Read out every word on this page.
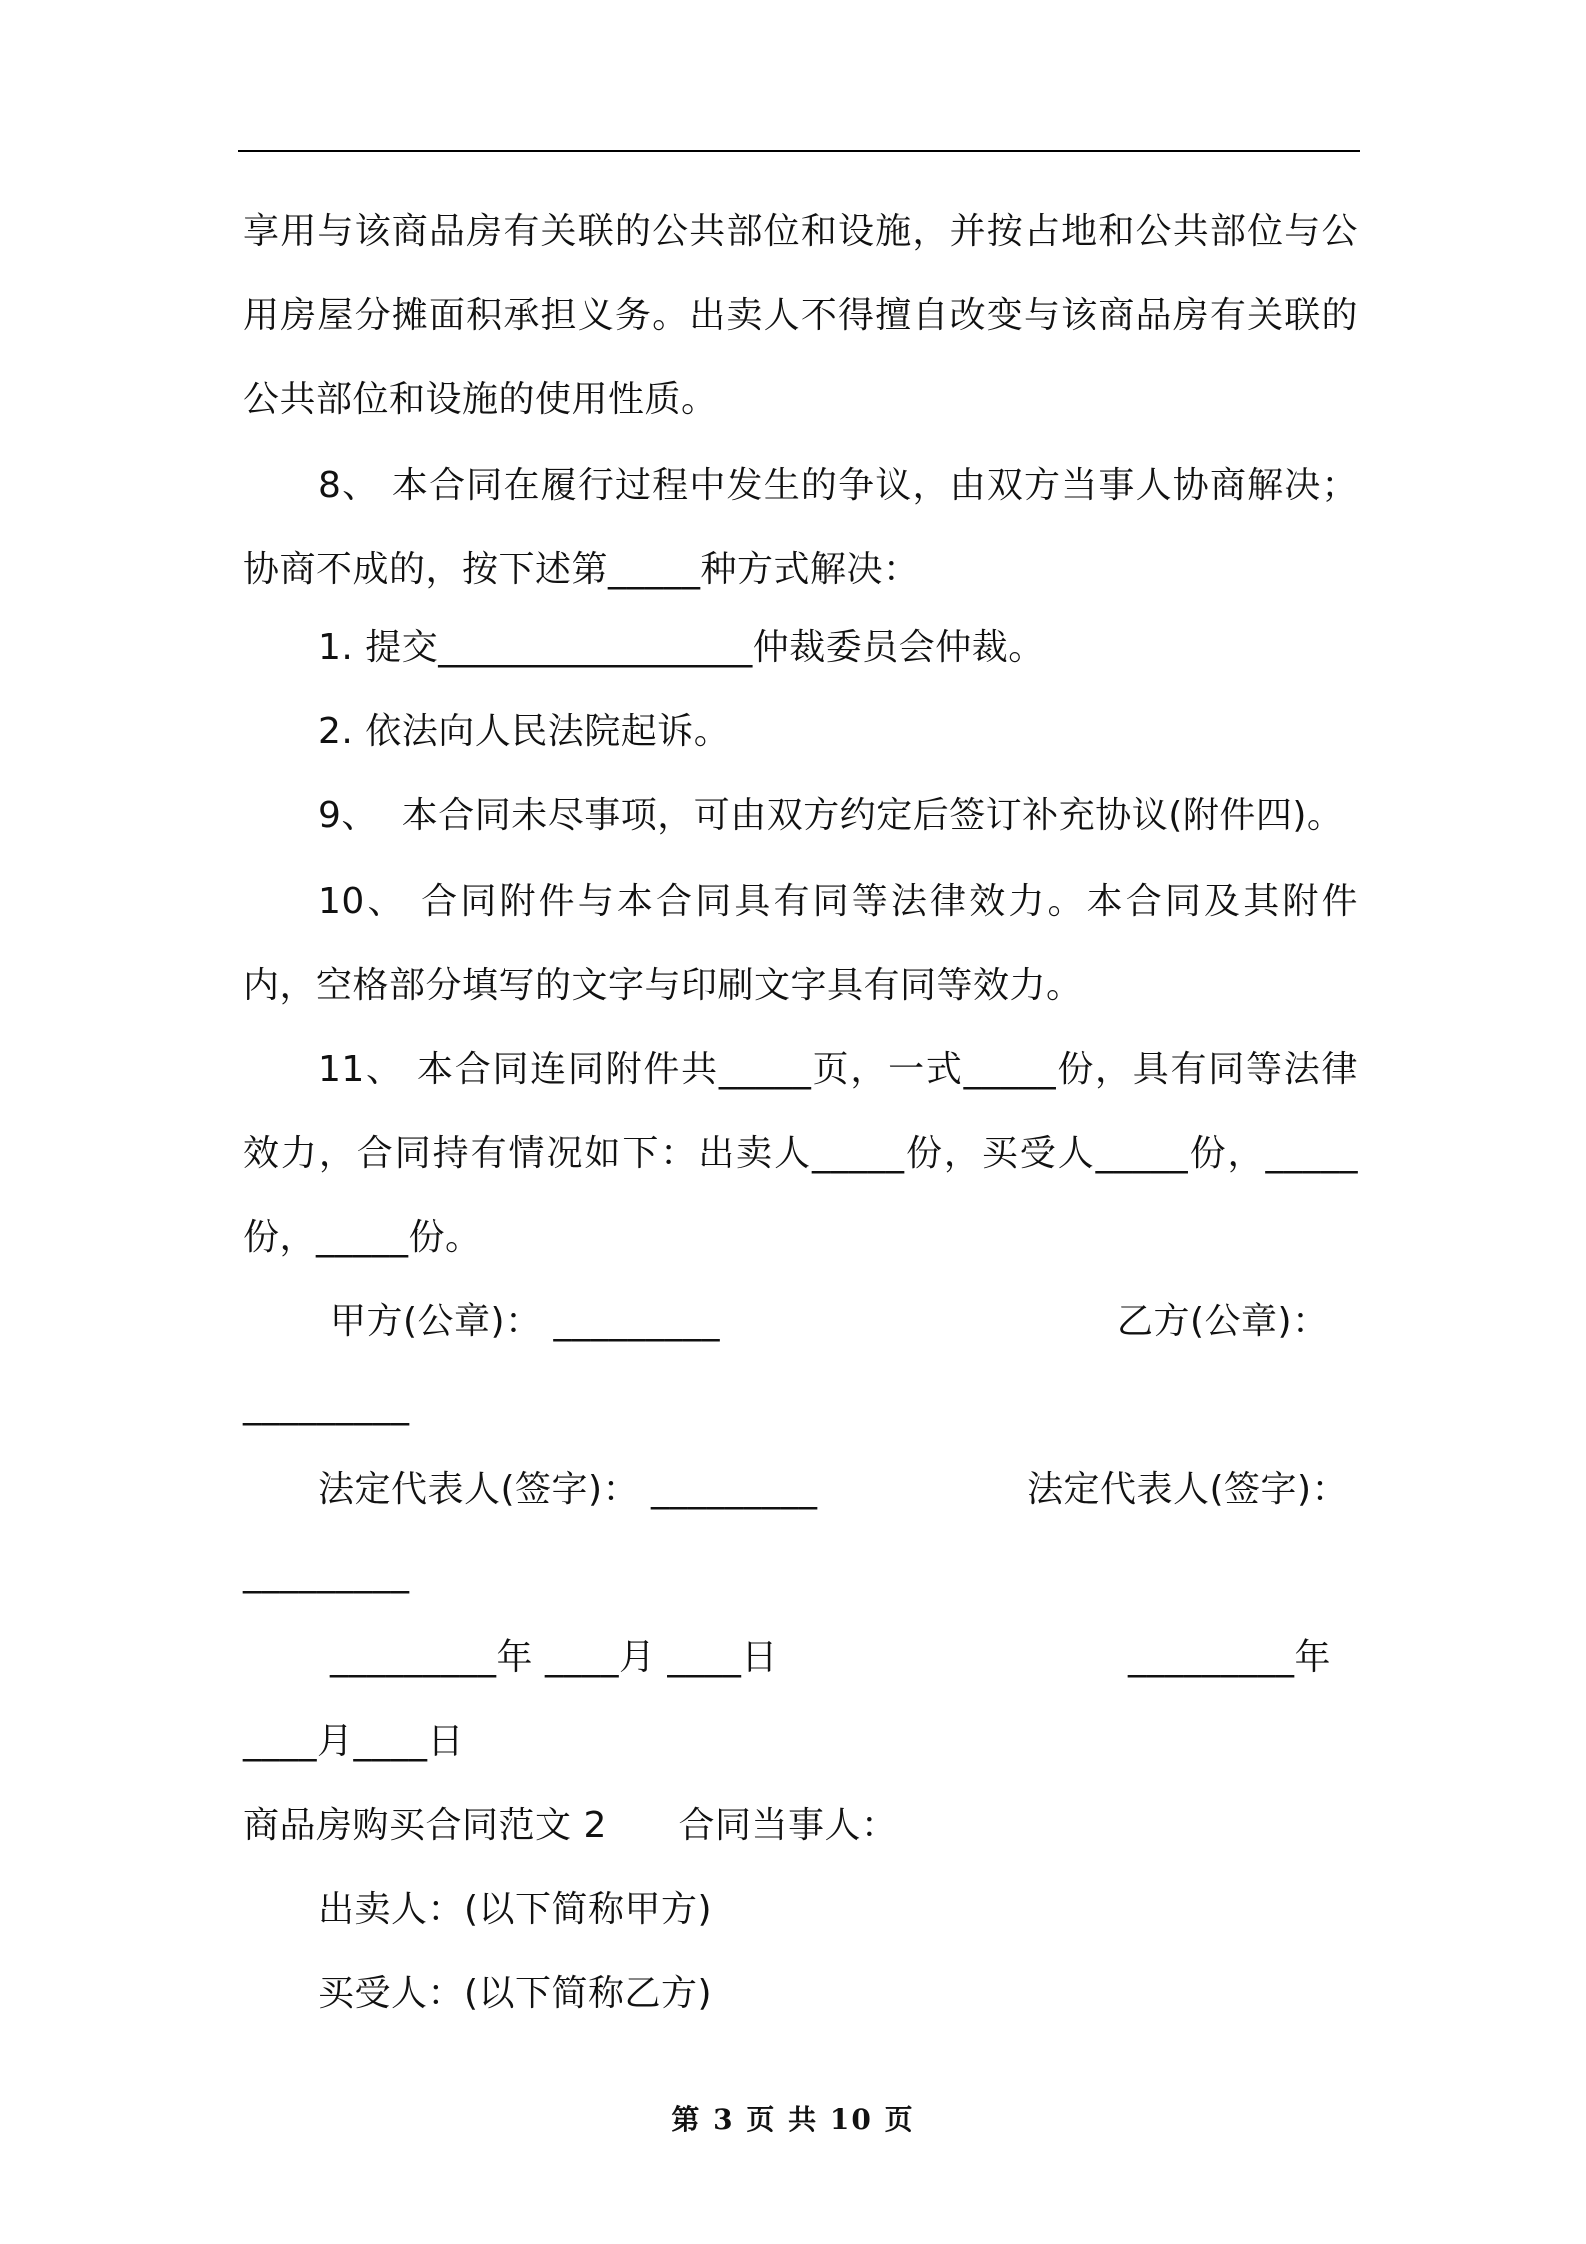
享用与该商品房有关联的公共部位和设施，并按占地和公共部位与公用房屋分摊面积承担义务。出卖人不得擅自改变与该商品房有关联的公共部位和设施的使用性质。

8、 本合同在履行过程中发生的争议，由双方当事人协商解决；协商不成的，按下述第_____种方式解决：

1. 提交_________________仲裁委员会仲裁。
2. 依法向人民法院起诉。
9、  本合同未尽事项，可由双方约定后签订补充协议(附件四)。

10、 合同附件与本合同具有同等法律效力。本合同及其附件内，空格部分填写的文字与印刷文字具有同等效力。

11、 本合同连同附件共_____页，一式_____份，具有同等法律效力，合同持有情况如下：出卖人_____份，买受人_____份，_____份，_____份。

甲方(公章)： _________	乙方(公章)：
_________
法定代表人(签字)： _________	法定代表人(签字)：
_________
_________年 ____月 ____日	_________年
____月____日
商品房购买合同范文 2      合同当事人：
出卖人：(以下简称甲方)
买受人：(以下简称乙方)
第 3 页 共 10 页
